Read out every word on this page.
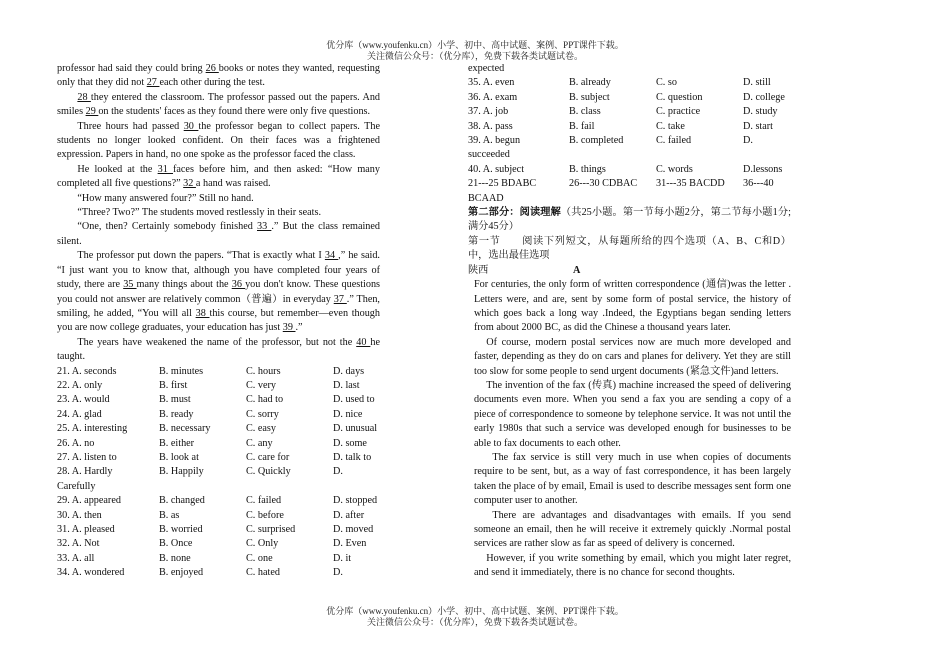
优分库（www.youfenku.cn）小学、初中、高中试题、案例、PPT课件下载。
关注微信公众号：（优分库），免费下载各类试题试卷。
professor had said they could bring 26 books or notes they wanted, requesting only that they did not 27 each other during the test.
28 they entered the classroom. The professor passed out the papers. And smiles 29 on the students' faces as they found there were only five questions.
Three hours had passed 30 the professor began to collect papers. The students no longer looked confident. On their faces was a frightened expression. Papers in hand, no one spoke as the professor faced the class.
He looked at the 31 faces before him, and then asked: “How many completed all five questions?” 32 a hand was raised.
“How many answered four?” Still no hand.
“Three? Two?” The students moved restlessly in their seats.
“One, then? Certainly somebody finished 33 .” But the class remained silent.
The professor put down the papers. “That is exactly what I 34 ,” he said. “I just want you to know that, although you have completed four years of study, there are 35 many things about the 36 you don't know. These questions you could not answer are relatively common（普遍）in everyday 37 .” Then, smiling, he added, “You will all 38 this course, but remember—even though you are now college graduates, your education has just 39 .”
The years have weakened the name of the professor, but not the 40 he taught.
21. A. seconds	B. minutes	C. hours	D. days
22. A. only	B. first	C. very	D. last
23. A. would	B. must	C. had to	D. used to
24. A. glad	B. ready	C. sorry	D. nice
25. A. interesting	B. necessary	C. easy	D. unusual
26. A. no	B. either	C. any	D. some
27. A. listen to	B. look at	C. care for	D. talk to
28. A. Hardly	B. Happily	C. Quickly	D.
Carefully
29. A. appeared	B. changed	C. failed	D. stopped
30. A. then	B. as	C. before	D. after
31. A. pleased	B. worried	C. surprised	D. moved
32. A. Not	B. Once	C. Only	D. Even
33. A. all	B. none	C. one	D. it
34. A. wondered	B. enjoyed	C. hated	D.
expected
35. A. even	B. already	C. so	D. still
36. A. exam	B. subject	C. question	D. college
37. A. job	B. class	C. practice	D. study
38. A. pass	B. fail	C. take	D. start
39. A. begun	B. completed	C. failed	D.
succeeded
40. A. subject	B. things	C. words	D.lessons
21---25 BDABC	26---30 CDBAC	31---35 BACDD	36---40
BCAAD
第二部分：阅读理解（共25小题。第一节每小题2分，第二节每小题1分;满分45分）
第一节　　阅读下列短文，从每题所给的四个选项（A、B、C和D）中，选出最佳选项
陕西	A
For centuries, the only form of written correspondence (通信)was the letter . Letters were, and are, sent by some form of postal service, the history of which goes back a long way .Indeed, the Egyptians began sending letters from about 2000 BC, as did the Chinese a thousand years later.
Of course, modern postal services now are much more developed and faster, depending as they do on cars and planes for delivery. Yet they are still too slow for some people to send urgent documents (紧急文件)and letters.
The invention of the fax (传真) machine increased the speed of delivering documents even more. When you send a fax you are sending a copy of a piece of correspondence to someone by telephone service. It was not until the early 1980s that such a service was developed enough for businesses to be able to fax documents to each other.
The fax service is still very much in use when copies of documents require to be sent, but, as a way of fast correspondence, it has been largely taken the place of by email, Email is used to describe messages sent form one computer user to another.
There are advantages and disadvantages with emails. If you send someone an email, then he will receive it extremely quickly .Normal postal services are rather slow as far as speed of delivery is concerned.
However, if you write something by email, which you might later regret, and send it immediately, there is no chance for second thoughts.
优分库（www.youfenku.cn）小学、初中、高中试题、案例、PPT课件下载。
关注微信公众号：（优分库），免费下载各类试题试卷。
